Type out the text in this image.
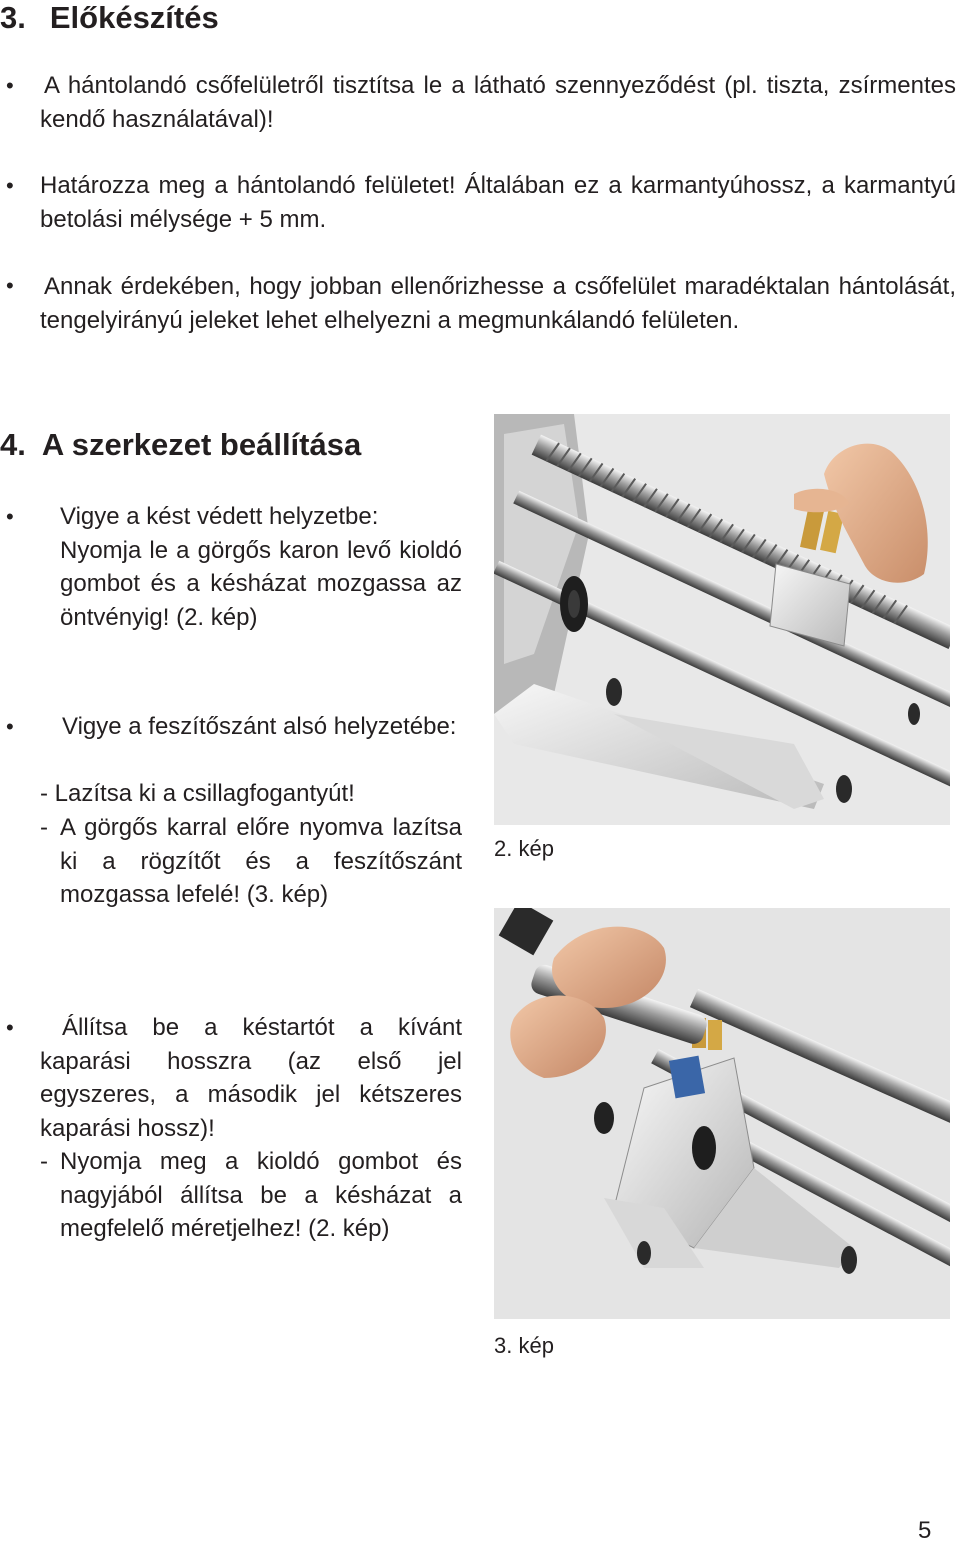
3. Előkészítés
• A hántolandó csőfelületről tisztítsa le a látható szennyeződést (pl. tiszta, zsírmentes kendő használatával)!
• Határozza meg a hántolandó felületet! Általában ez a karmantyúhossz, a karmantyú betolási mélysége + 5 mm.
• Annak érdekében, hogy jobban ellenőrizhesse a csőfelület maradéktalan hántolását, tengelyirányú jeleket lehet elhelyezni a megmunkálandó felületen.
4. A szerkezet beállítása
• Vigye a kést védett helyzetbe:
Nyomja le a görgős karon levő kioldó gombot és a késházat mozgassa az öntvényig! (2. kép)
•	Vigye a feszítőszánt alsó helyzetébe:
- Lazítsa ki a csillagfogantyút!
- A görgős karral előre nyomva lazítsa ki a rögzítőt és a feszítőszánt mozgassa lefelé! (3. kép)
•	Állítsa be a késtartót a kívánt kaparási hosszra (az első jel egyszeres, a második jel kétszeres kaparási hossz)!
- Nyomja meg a kioldó gombot és nagyjából állítsa be a késházat a megfelelő méretjelhez! (2. kép)
2. kép
3. kép
5
